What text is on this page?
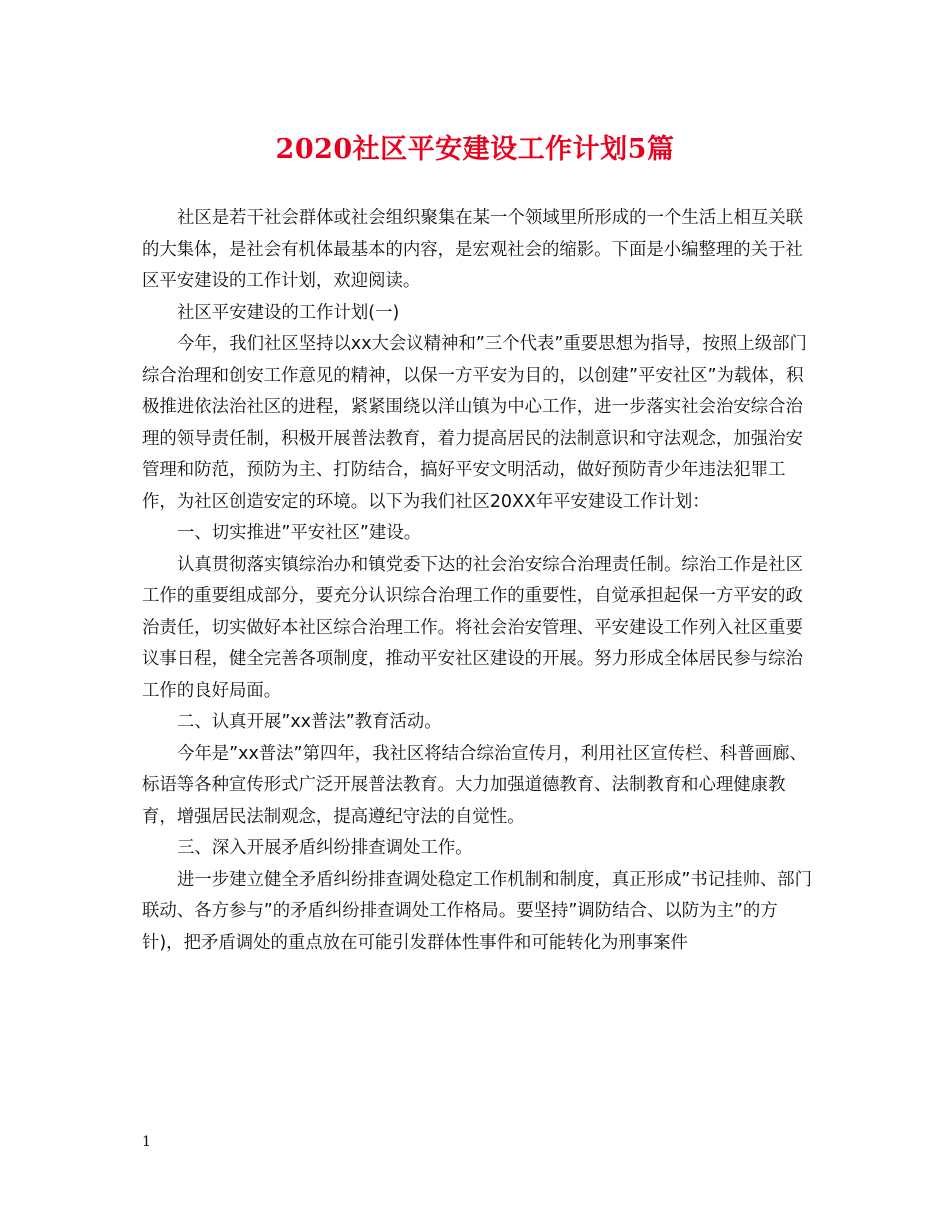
2020社区平安建设工作计划5篇

社区是若干社会群体或社会组织聚集在某一个领域里所形成的一个生活上相互关联的大集体，是社会有机体最基本的内容，是宏观社会的缩影。下面是小编整理的关于社区平安建设的工作计划，欢迎阅读。

社区平安建设的工作计划(一)

今年，我们社区坚持以xx大会议精神和”三个代表”重要思想为指导，按照上级部门综合治理和创安工作意见的精神，以保一方平安为目的，以创建”平安社区”为载体，积极推进依法治社区的进程，紧紧围绕以洋山镇为中心工作，进一步落实社会治安综合治理的领导责任制，积极开展普法教育，着力提高居民的法制意识和守法观念，加强治安管理和防范，预防为主、打防结合，搞好平安文明活动，做好预防青少年违法犯罪工作，为社区创造安定的环境。以下为我们社区20XX年平安建设工作计划：

一、切实推进”平安社区”建设。

认真贯彻落实镇综治办和镇党委下达的社会治安综合治理责任制。综治工作是社区工作的重要组成部分，要充分认识综合治理工作的重要性，自觉承担起保一方平安的政治责任，切实做好本社区综合治理工作。将社会治安管理、平安建设工作列入社区重要议事日程，健全完善各项制度，推动平安社区建设的开展。努力形成全体居民参与综治工作的良好局面。

二、认真开展”xx普法”教育活动。

今年是”xx普法”第四年，我社区将结合综治宣传月，利用社区宣传栏、科普画廊、标语等各种宣传形式广泛开展普法教育。大力加强道德教育、法制教育和心理健康教育，增强居民法制观念，提高遵纪守法的自觉性。

三、深入开展矛盾纠纷排查调处工作。

进一步建立健全矛盾纠纷排查调处稳定工作机制和制度，真正形成”书记挂帅、部门联动、各方参与”的矛盾纠纷排查调处工作格局。要坚持”调防结合、以防为主”的方针)，把矛盾调处的重点放在可能引发群体性事件和可能转化为刑事案件

1
